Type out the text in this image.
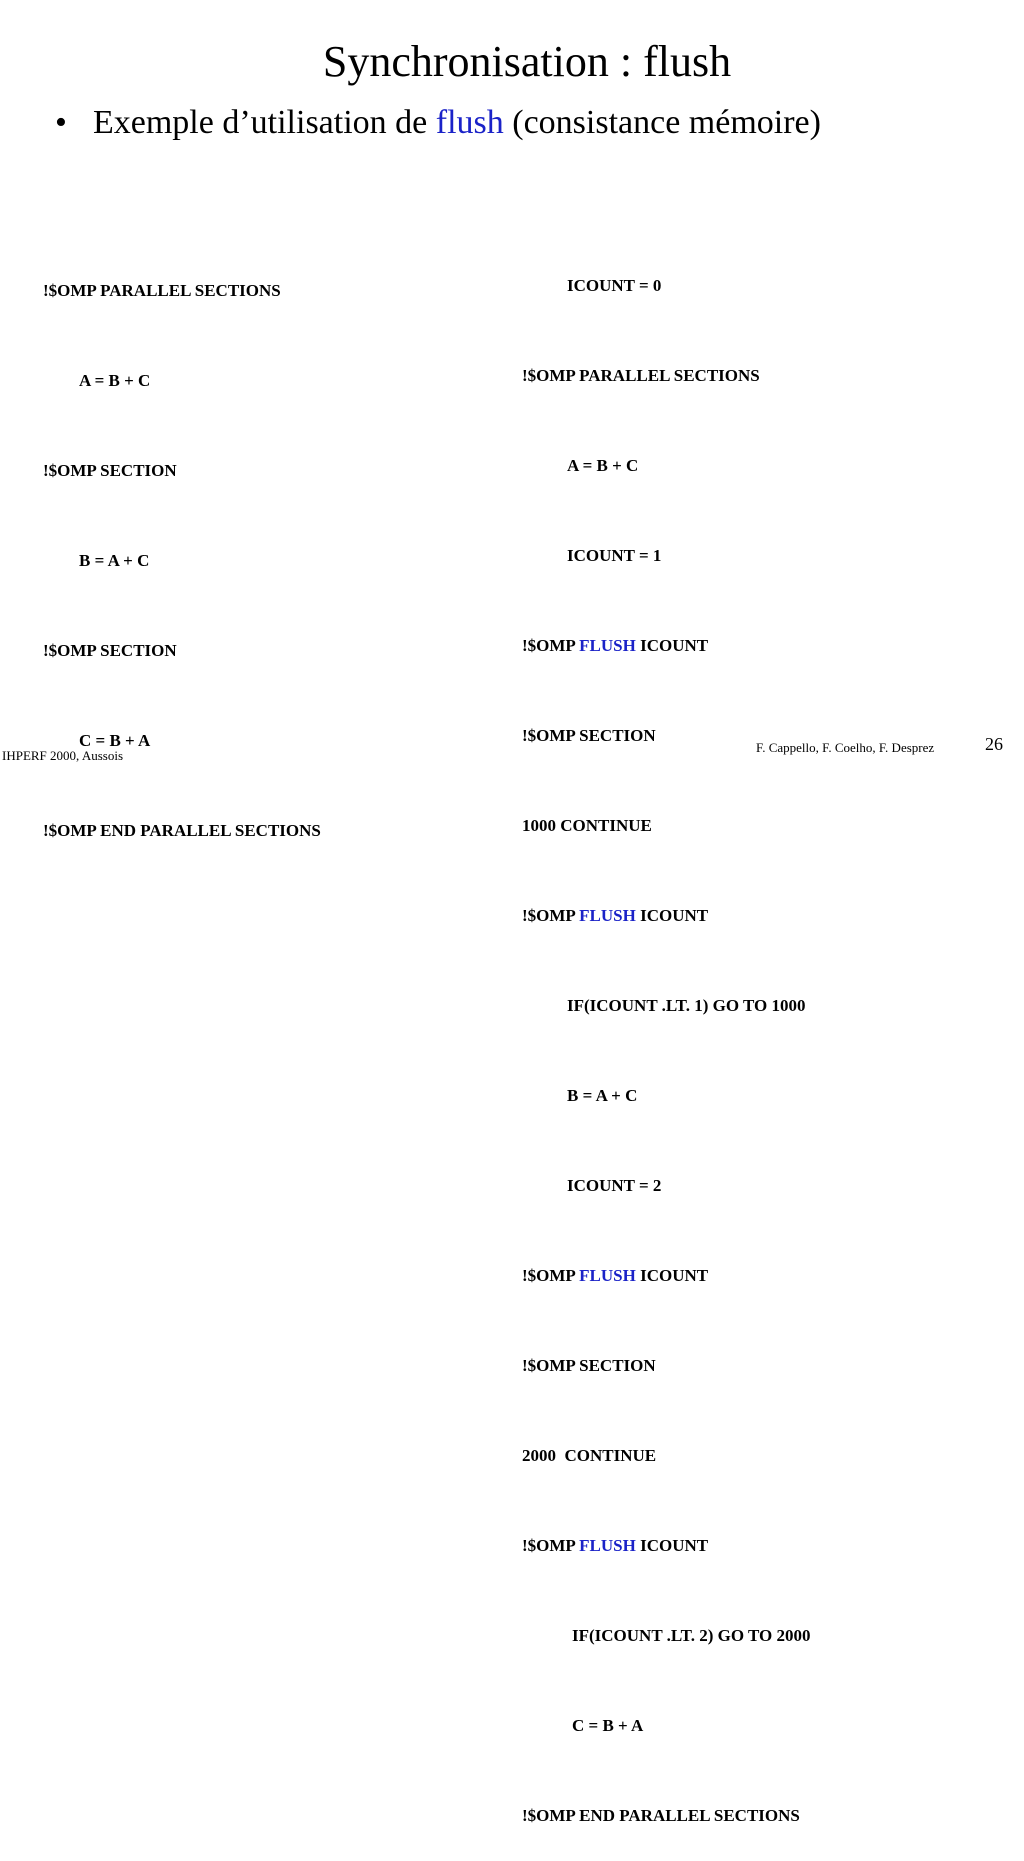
Synchronisation : flush
• Exemple d’utilisation de flush (consistance mémoire)

!$OMP PARALLEL SECTIONS

A = B + C

!$OMP SECTION

B = A + C

!$OMP SECTION

C = B + A

!$OMP END PARALLEL SECTIONS

ICOUNT = 0

!$OMP PARALLEL SECTIONS

A = B + C

ICOUNT = 1

!$OMP FLUSH ICOUNT

!$OMP SECTION

1000 CONTINUE

!$OMP FLUSH ICOUNT

IF(ICOUNT .LT. 1) GO TO 1000

B = A + C

ICOUNT = 2

!$OMP FLUSH ICOUNT

!$OMP SECTION

2000  CONTINUE

!$OMP FLUSH ICOUNT

IF(ICOUNT .LT. 2) GO TO 2000

C = B + A

!$OMP END PARALLEL SECTIONS

IHPERF 2000, Aussois
F. Cappello, F. Coelho, F. Desprez	26
